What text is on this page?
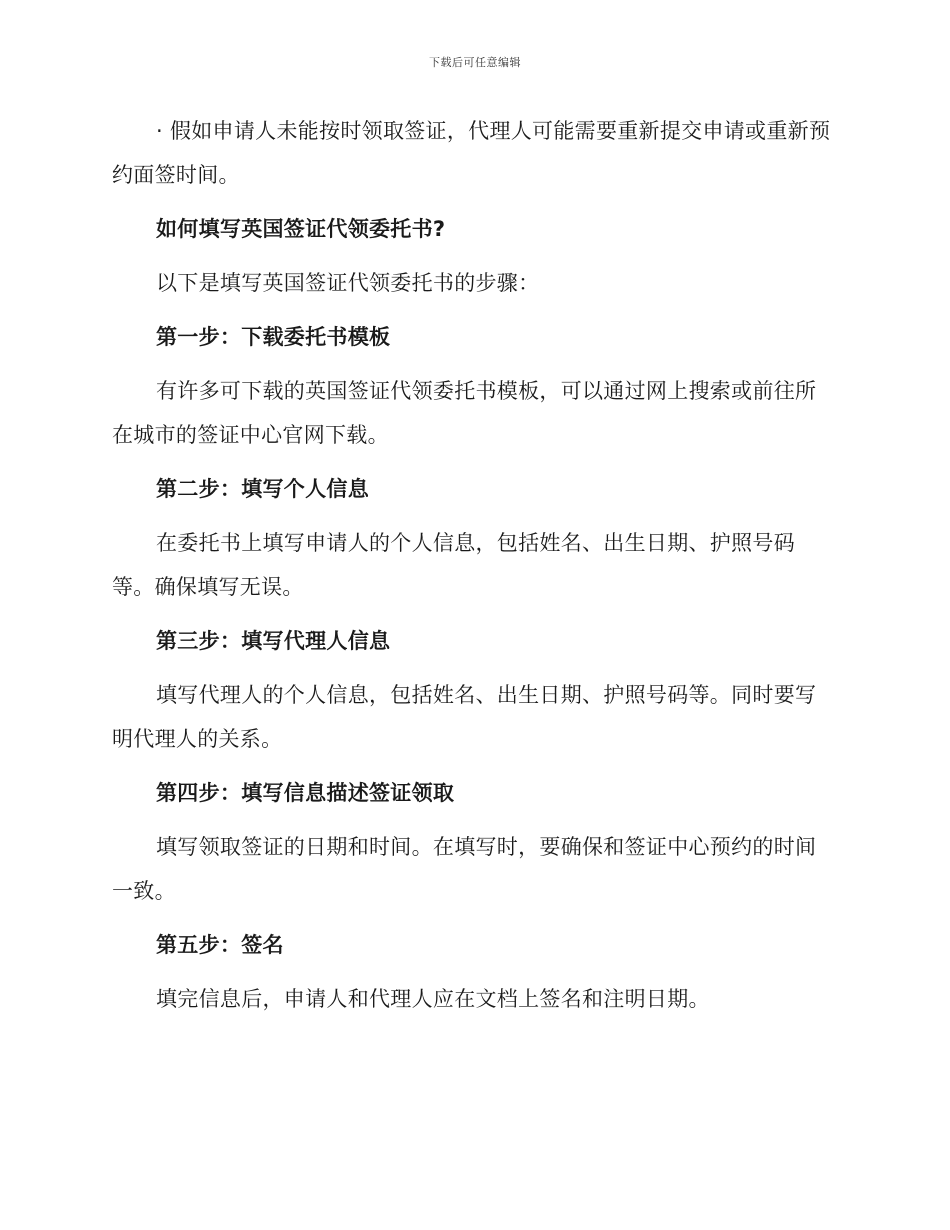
下载后可任意编辑

· 假如申请人未能按时领取签证，代理人可能需要重新提交申请或重新预约面签时间。

如何填写英国签证代领委托书?

以下是填写英国签证代领委托书的步骤：

第一步：下载委托书模板

有许多可下载的英国签证代领委托书模板，可以通过网上搜索或前往所在城市的签证中心官网下载。

第二步：填写个人信息

在委托书上填写申请人的个人信息，包括姓名、出生日期、护照号码等。确保填写无误。

第三步：填写代理人信息

填写代理人的个人信息，包括姓名、出生日期、护照号码等。同时要写明代理人的关系。

第四步：填写信息描述签证领取

填写领取签证的日期和时间。在填写时，要确保和签证中心预约的时间一致。

第五步：签名

填完信息后，申请人和代理人应在文档上签名和注明日期。
